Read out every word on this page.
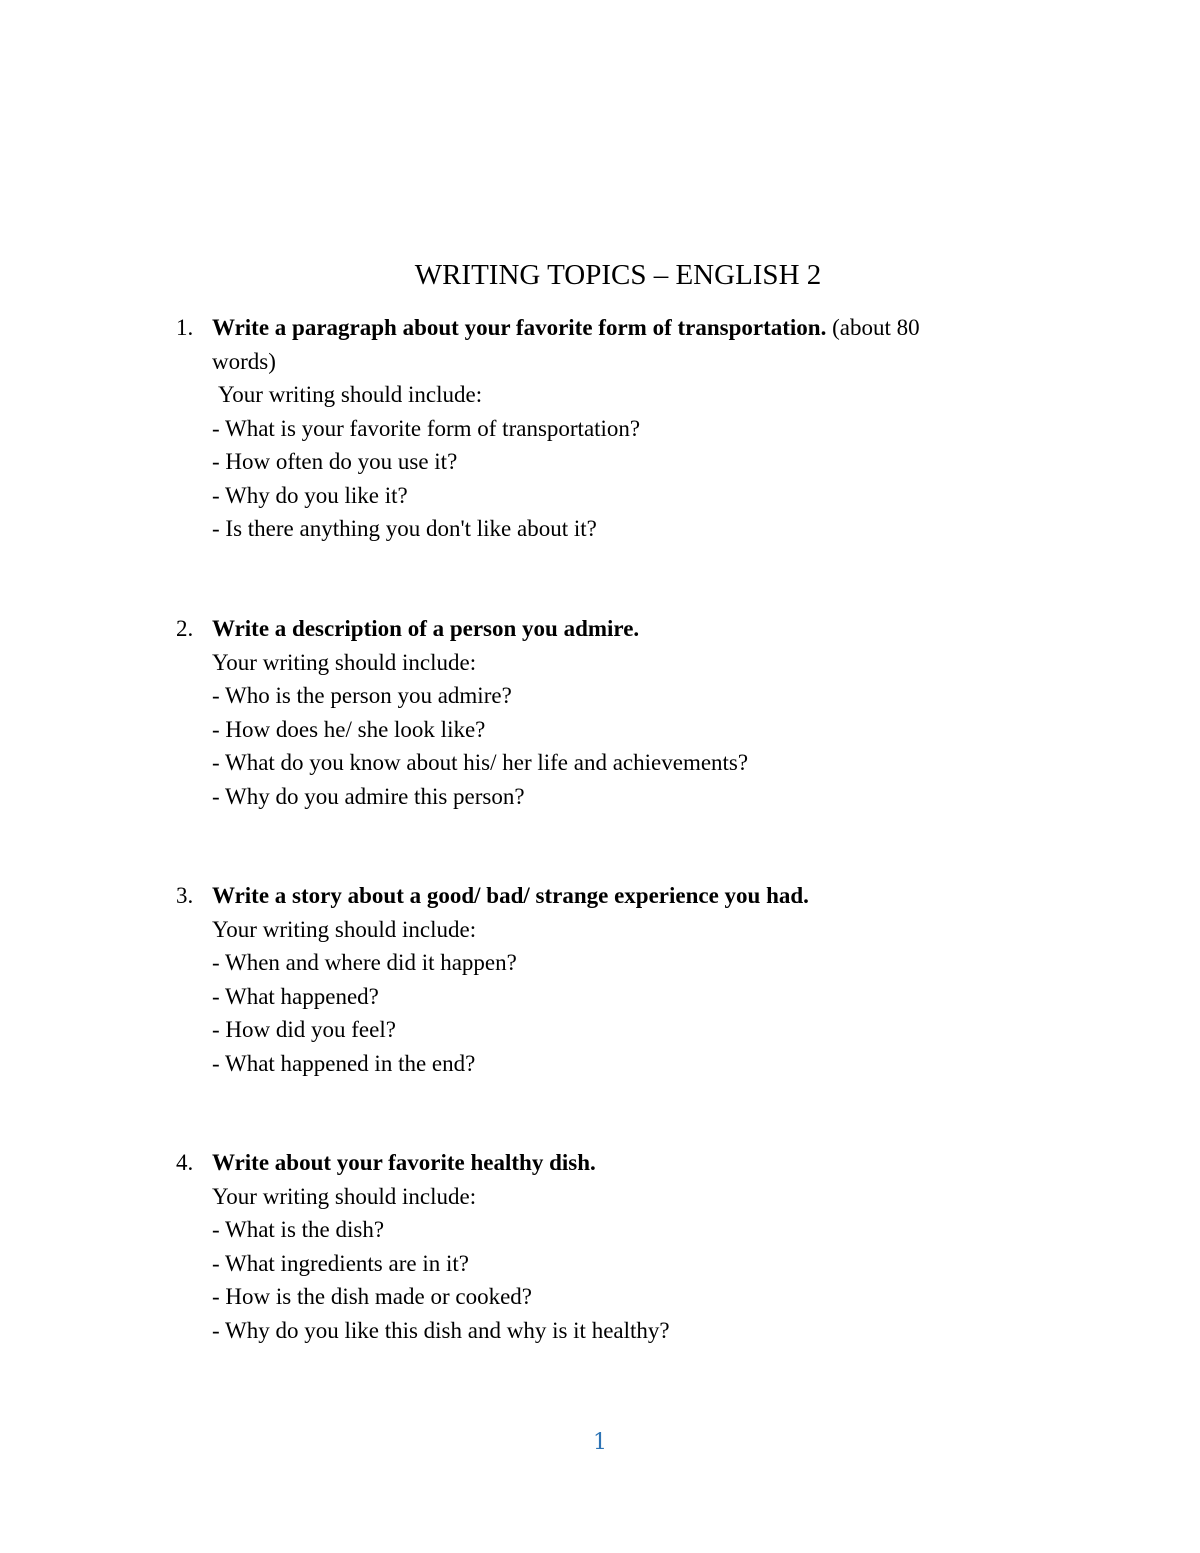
WRITING TOPICS – ENGLISH 2
1. Write a paragraph about your favorite form of transportation. (about 80
words)
Your writing should include:
- What is your favorite form of transportation?
- How often do you use it?
- Why do you like it?
- Is there anything you don't like about it?
2. Write a description of a person you admire.
Your writing should include:
- Who is the person you admire?
- How does he/ she look like?
- What do you know about his/ her life and achievements?
- Why do you admire this person?
3. Write a story about a good/ bad/ strange experience you had.
Your writing should include:
- When and where did it happen?
- What happened?
- How did you feel?
- What happened in the end?
4. Write about your favorite healthy dish.
Your writing should include:
- What is the dish?
- What ingredients are in it?
- How is the dish made or cooked?
- Why do you like this dish and why is it healthy?
1
